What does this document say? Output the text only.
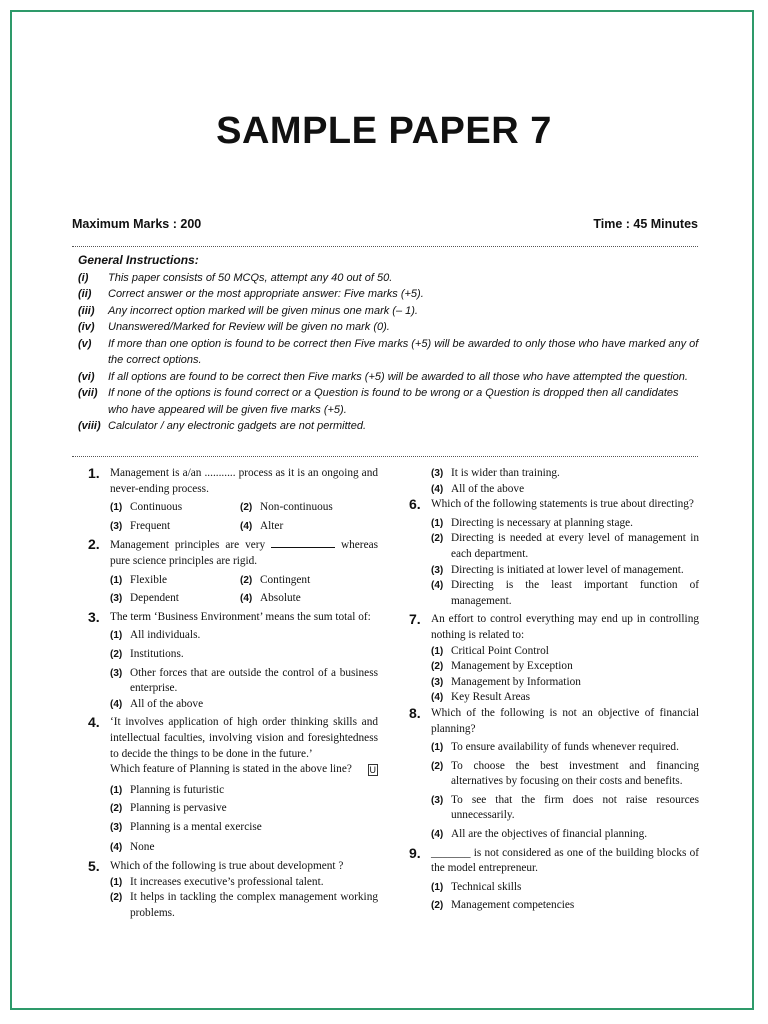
SAMPLE PAPER 7
Maximum Marks : 200	Time : 45 Minutes
General Instructions:
(i)	This paper consists of 50 MCQs, attempt any 40 out of 50.
(ii)	Correct answer or the most appropriate answer: Five marks (+5).
(iii)	Any incorrect option marked will be given minus one mark (– 1).
(iv)	Unanswered/Marked for Review will be given no mark (0).
(v)	If more than one option is found to be correct then Five marks (+5) will be awarded to only those who have marked any of the correct options.
(vi)	If all options are found to be correct then Five marks (+5) will be awarded to all those who have attempted the question.
(vii) If none of the options is found correct or a Question is found to be wrong or a Question is dropped then all candidates who have appeared will be given five marks (+5).
(viii) Calculator / any electronic gadgets are not permitted.
1. Management is a/an ........... process as it is an ongoing and never-ending process.
(1) Continuous	(2) Non-continuous
(3) Frequent	(4) Alter
2. Management principles are very	whereas pure science principles are rigid.
(1) Flexible	(2) Contingent
(3) Dependent	(4) Absolute
3. The term ‘Business Environment’ means the sum total of:
(1) All individuals.
(2) Institutions.
(3) Other forces that are outside the control of a business enterprise.
(4) All of the above
4. ‘It involves application of high order thinking skills and intellectual faculties, involving vision and foresightedness to decide the things to be done in the future.’
Which feature of Planning is stated in the above line? U
(1) Planning is futuristic
(2) Planning is pervasive
(3) Planning is a mental exercise
(4) None
5. Which of the following is true about development ?
(1) It increases executive’s professional talent.
(2) It helps in tackling the complex management working problems.
(3) It is wider than training.
(4) All of the above
6. Which of the following statements is true about directing?
(1) Directing is necessary at planning stage.
(2) Directing is needed at every level of management in each department.
(3) Directing is initiated at lower level of management.
(4) Directing is the least important function of management.
7. An effort to control everything may end up in controlling nothing is related to:
(1) Critical Point Control
(2) Management by Exception
(3) Management by Information
(4) Key Result Areas
8. Which of the following is not an objective of financial planning?
(1) To ensure availability of funds whenever required.
(2) To choose the best investment and financing alternatives by focusing on their costs and benefits.
(3) To see that the firm does not raise resources unnecessarily.
(4) All are the objectives of financial planning.
9. _______ is not considered as one of the building blocks of the model entrepreneur.
(1) Technical skills
(2) Management competencies
